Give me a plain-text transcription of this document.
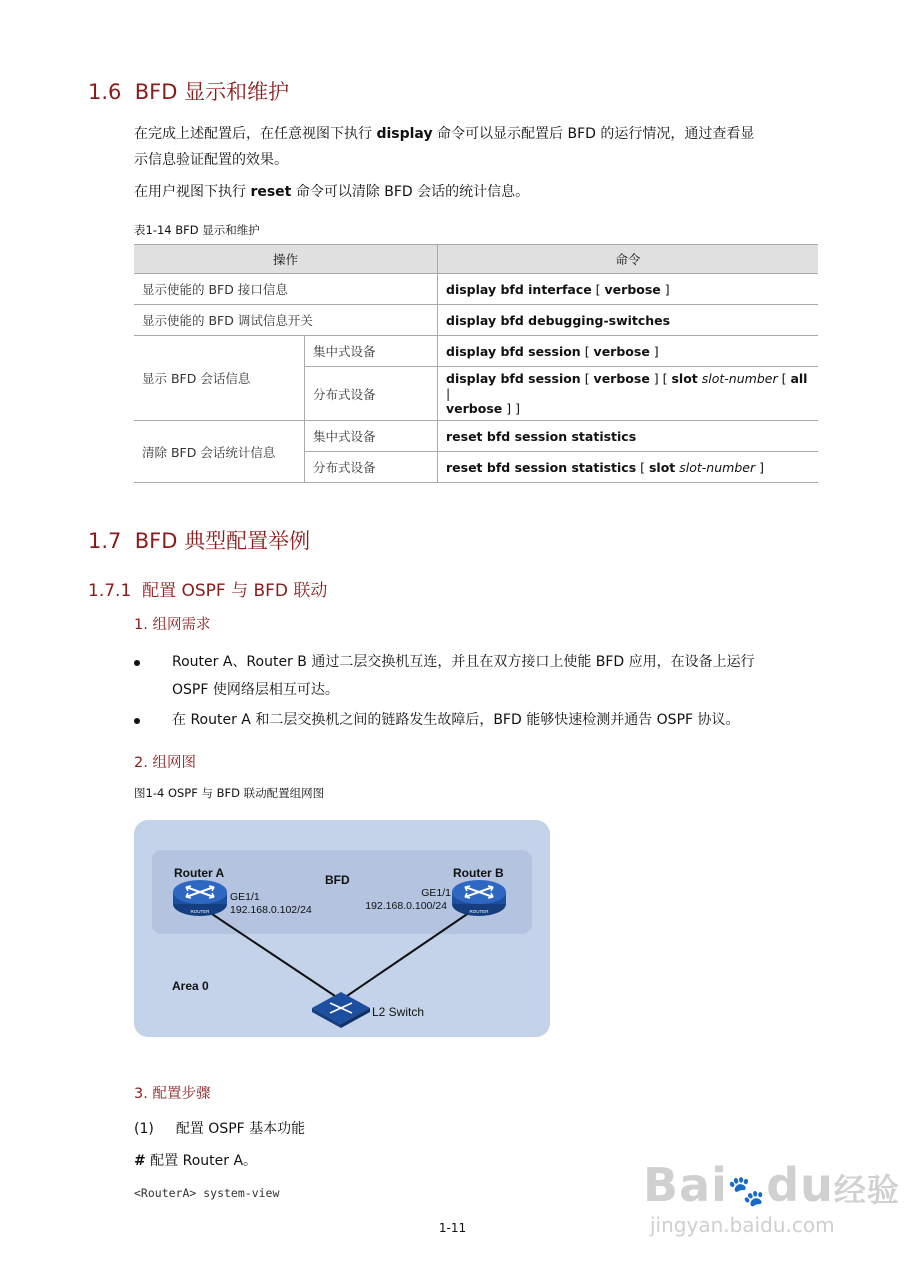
1.6 BFD 显示和维护
在完成上述配置后，在任意视图下执行 display 命令可以显示配置后 BFD 的运行情况，通过查看显
示信息验证配置的效果。
在用户视图下执行 reset 命令可以清除 BFD 会话的统计信息。
表1-14 BFD 显示和维护
操作		命令
显示使能的 BFD 接口信息		display bfd interface [ verbose ]
显示使能的 BFD 调试信息开关		display bfd debugging-switches
显示 BFD 会话信息	集中式设备	display bfd session [ verbose ]
	分布式设备	display bfd session [ verbose ] [ slot slot-number [ all |
verbose ] ]
清除 BFD 会话统计信息	集中式设备	reset bfd session statistics
	分布式设备	reset bfd session statistics [ slot slot-number ]
1.7 BFD 典型配置举例
1.7.1 配置 OSPF 与 BFD 联动
1. 组网需求
Router A、Router B 通过二层交换机互连，并且在双方接口上使能 BFD 应用，在设备上运行
OSPF 使网络层相互可达。
在 Router A 和二层交换机之间的链路发生故障后，BFD 能够快速检测并通告 OSPF 协议。
2. 组网图
图1-4 OSPF 与 BFD 联动配置组网图
ROUTER	ROUTER
Router A	Router B
BFD
GE1/1
192.168.0.102/24
GE1/1
192.168.0.100/24
Area 0
L2 Switch
3. 配置步骤
(1) 配置 OSPF 基本功能
# 配置 Router A。
<RouterA> system-view
1-11
Bai🐾du经验
jingyan.baidu.com
